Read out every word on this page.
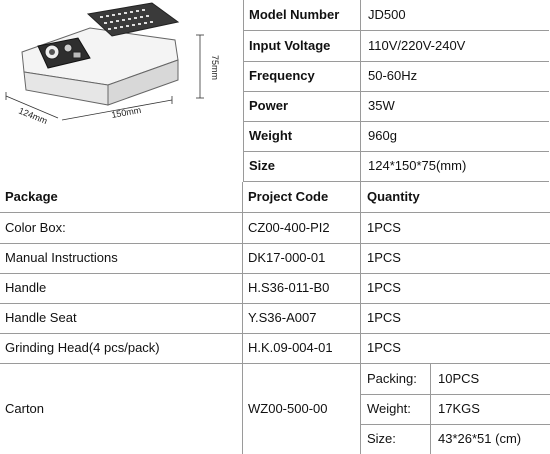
75mm
124mm	150mm
Model Number	JD500
Input Voltage	110V/220V-240V
Frequency	50-60Hz
Power	35W
Weight	960g
Size	124*150*75(mm)
Package	Project Code	Quantity
Color Box:	CZ00-400-PI2	1PCS
Manual Instructions	DK17-000-01	1PCS
Handle	H.S36-011-B0	1PCS
Handle Seat	Y.S36-A007	1PCS
Grinding Head(4 pcs/pack)	H.K.09-004-01	1PCS
Carton	WZ00-500-00
Packing:	10PCS
Weight:	17KGS
Size:	43*26*51 (cm)
